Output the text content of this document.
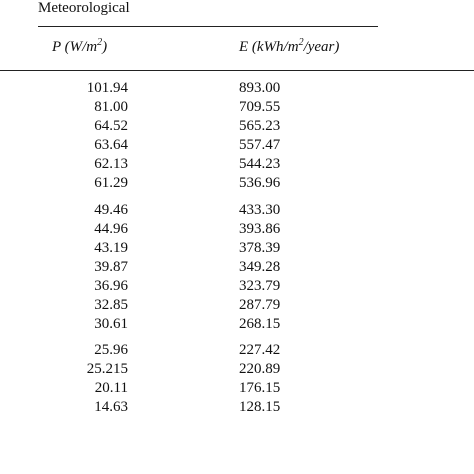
Meteorological
P $(W/m^2)$	E $(kWh/m^2/year)$
101.94	893.00
81.00	709.55
64.52	565.23
63.64	557.47
62.13	544.23
61.29	536.96
49.46	433.30
44.96	393.86
43.19	378.39
39.87	349.28
36.96	323.79
32.85	287.79
30.61	268.15
25.96	227.42
25.215	220.89
20.11	176.15
14.63	128.15
